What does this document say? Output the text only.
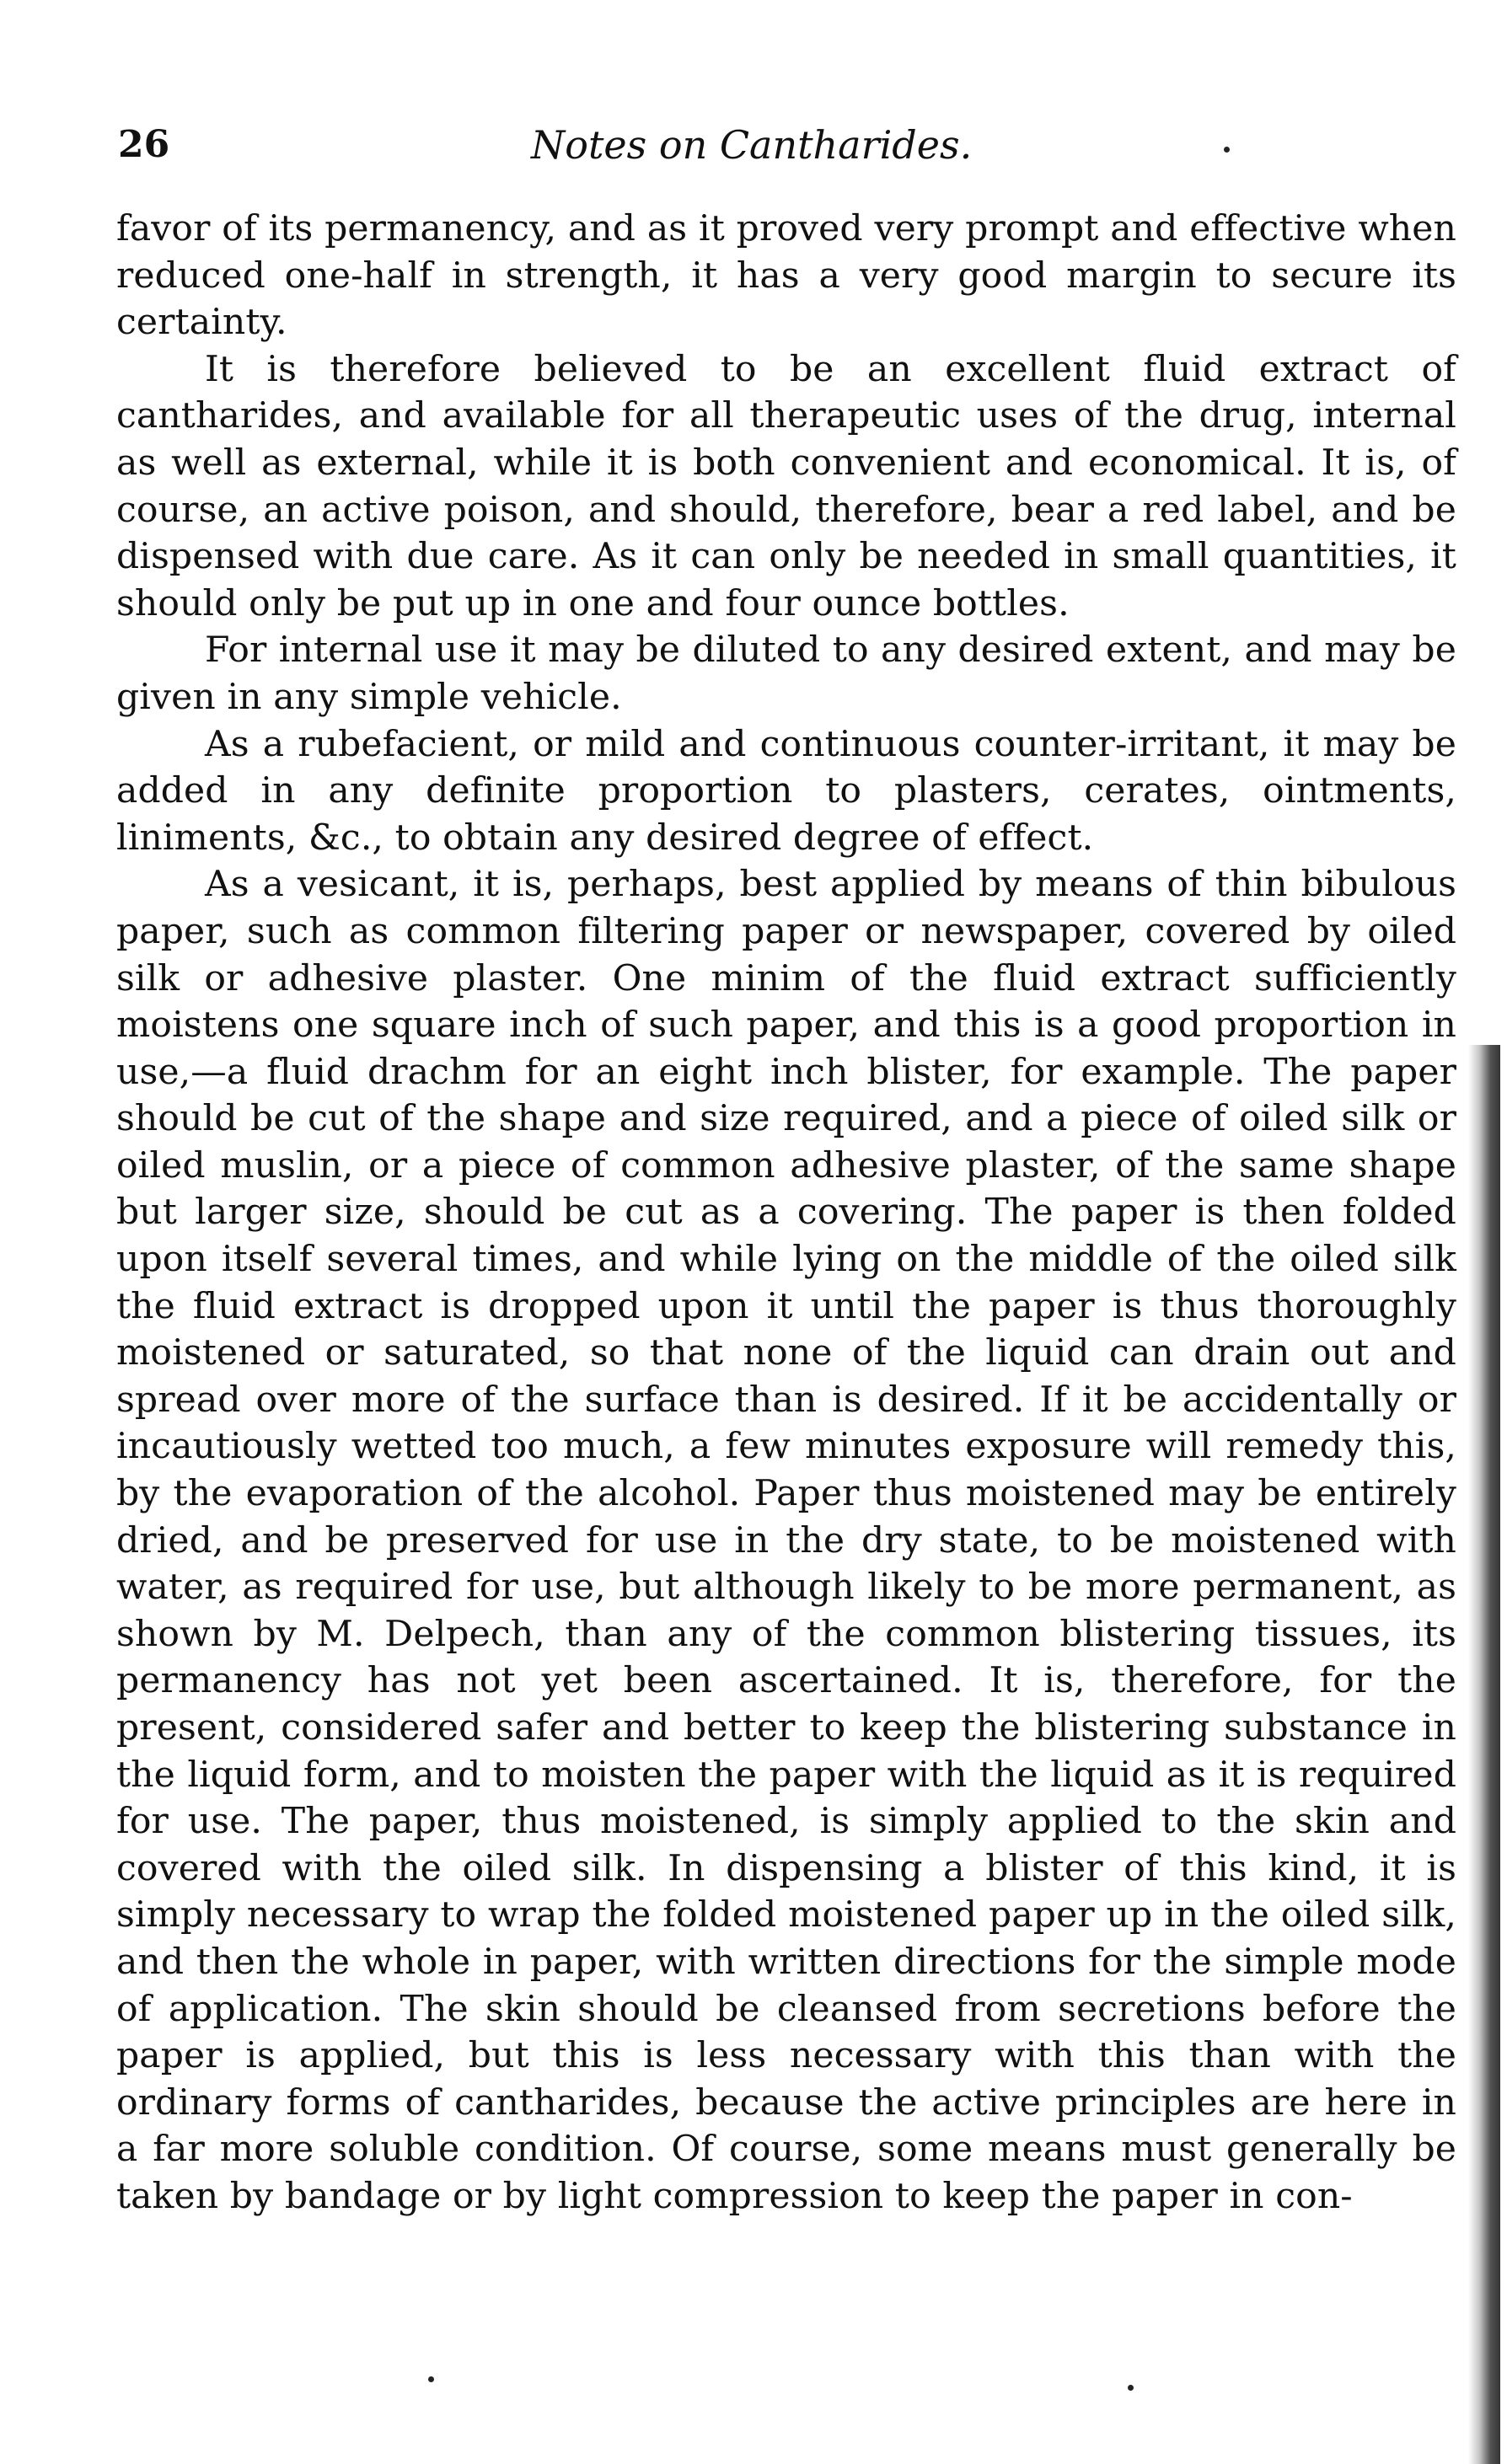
26	Notes on Cantharides.

favor of its permanency, and as it proved very prompt and effective when reduced one-half in strength, it has a very good margin to secure its certainty.

It is therefore believed to be an excellent fluid extract of cantharides, and available for all therapeutic uses of the drug, internal as well as external, while it is both convenient and economical. It is, of course, an active poison, and should, therefore, bear a red label, and be dispensed with due care. As it can only be needed in small quantities, it should only be put up in one and four ounce bottles.

For internal use it may be diluted to any desired extent, and may be given in any simple vehicle.

As a rubefacient, or mild and continuous counter-irritant, it may be added in any definite proportion to plasters, cerates, ointments, liniments, &c., to obtain any desired degree of effect.

As a vesicant, it is, perhaps, best applied by means of thin bibulous paper, such as common filtering paper or newspaper, covered by oiled silk or adhesive plaster. One minim of the fluid extract sufficiently moistens one square inch of such paper, and this is a good proportion in use,—a fluid drachm for an eight inch blister, for example. The paper should be cut of the shape and size required, and a piece of oiled silk or oiled muslin, or a piece of common adhesive plaster, of the same shape but larger size, should be cut as a covering. The paper is then folded upon itself several times, and while lying on the middle of the oiled silk the fluid extract is dropped upon it until the paper is thus thoroughly moistened or saturated, so that none of the liquid can drain out and spread over more of the surface than is desired. If it be accidentally or incautiously wetted too much, a few minutes exposure will remedy this, by the evaporation of the alcohol. Paper thus moistened may be entirely dried, and be preserved for use in the dry state, to be moistened with water, as required for use, but although likely to be more permanent, as shown by M. Delpech, than any of the common blistering tissues, its permanency has not yet been ascertained. It is, therefore, for the present, considered safer and better to keep the blistering substance in the liquid form, and to moisten the paper with the liquid as it is required for use. The paper, thus moistened, is simply applied to the skin and covered with the oiled silk. In dispensing a blister of this kind, it is simply necessary to wrap the folded moistened paper up in the oiled silk, and then the whole in paper, with written directions for the simple mode of application. The skin should be cleansed from secretions before the paper is applied, but this is less necessary with this than with the ordinary forms of cantharides, because the active principles are here in a far more soluble condition. Of course, some means must generally be taken by bandage or by light compression to keep the paper in con-
